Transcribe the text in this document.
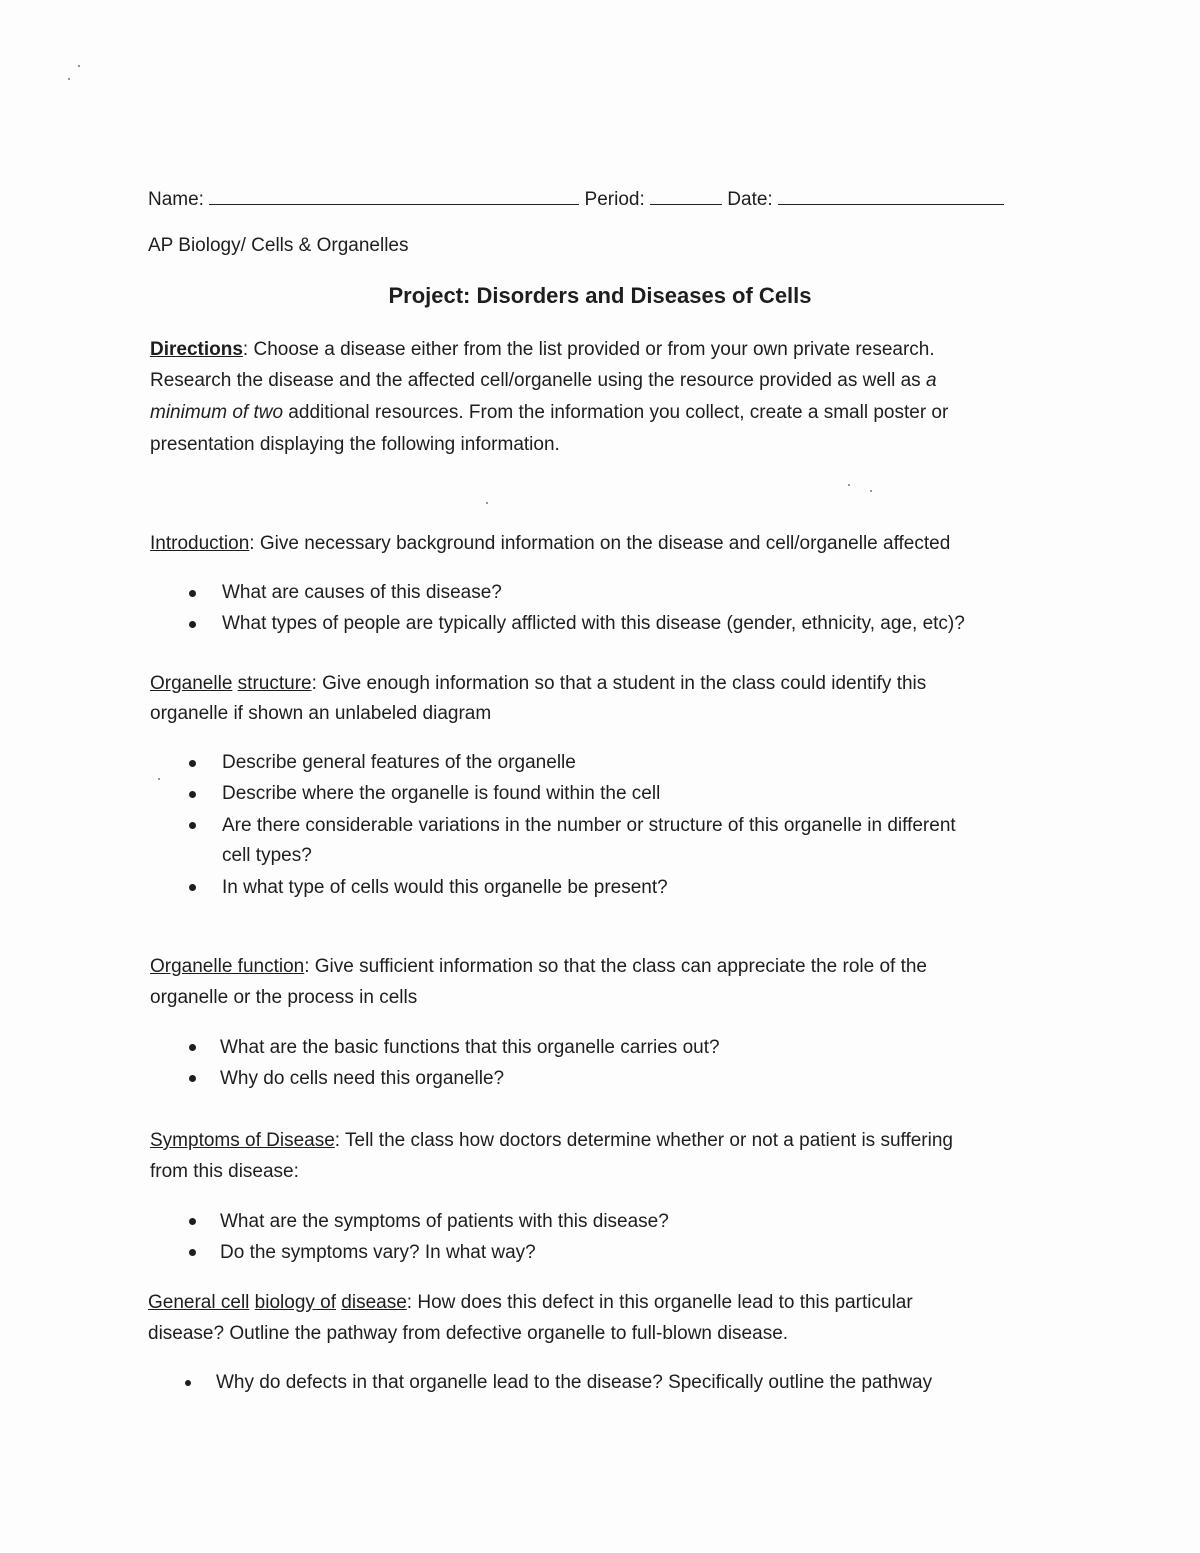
Name:	Period:	Date:
AP Biology/ Cells & Organelles
Project: Disorders and Diseases of Cells
Directions: Choose a disease either from the list provided or from your own private research.
Research the disease and the affected cell/organelle using the resource provided as well as a
minimum of two additional resources. From the information you collect, create a small poster or
presentation displaying the following information.
Introduction: Give necessary background information on the disease and cell/organelle affected
What are causes of this disease?
What types of people are typically afflicted with this disease (gender, ethnicity, age, etc)?
Organelle structure: Give enough information so that a student in the class could identify this
organelle if shown an unlabeled diagram
Describe general features of the organelle
Describe where the organelle is found within the cell
Are there considerable variations in the number or structure of this organelle in different
cell types?
In what type of cells would this organelle be present?
Organelle function: Give sufficient information so that the class can appreciate the role of the
organelle or the process in cells
What are the basic functions that this organelle carries out?
Why do cells need this organelle?
Symptoms of Disease: Tell the class how doctors determine whether or not a patient is suffering
from this disease:
What are the symptoms of patients with this disease?
Do the symptoms vary? In what way?
General cell biology of disease: How does this defect in this organelle lead to this particular
disease? Outline the pathway from defective organelle to full-blown disease.
Why do defects in that organelle lead to the disease? Specifically outline the pathway
